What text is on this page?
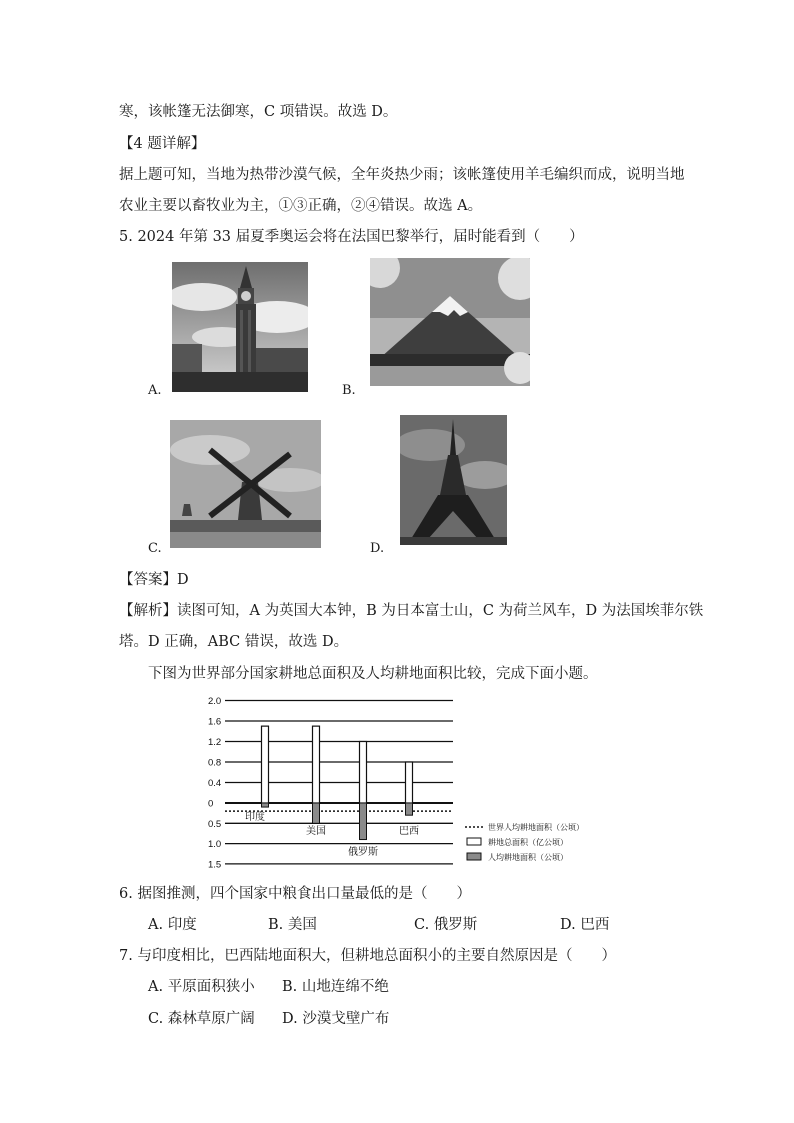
寒，该帐篷无法御寒，C 项错误。故选 D。
【4 题详解】
据上题可知，当地为热带沙漠气候，全年炎热少雨；该帐篷使用羊毛编织而成，说明当地
农业主要以畜牧业为主，①③正确，②④错误。故选 A。
5. 2024 年第 33 届夏季奥运会将在法国巴黎举行，届时能看到（　　）
A.	B.
C.	D.
【答案】D
【解析】读图可知，A 为英国大本钟，B 为日本富士山，C 为荷兰风车，D 为法国埃菲尔铁
塔。D 正确，ABC 错误，故选 D。
下图为世界部分国家耕地总面积及人均耕地面积比较，完成下面小题。
2.0
1.6
1.2
0.8
0.4
0
0.5
1.0
1.5
印度
美国
俄罗斯
巴西	世界人均耕地面积（公顷）
耕地总面积（亿公顷）
人均耕地面积（公顷）
6. 据图推测，四个国家中粮食出口量最低的是（　　）
A. 印度	B. 美国	C. 俄罗斯	D. 巴西
7. 与印度相比，巴西陆地面积大，但耕地总面积小的主要自然原因是（　　）
A. 平原面积狭小 B. 山地连绵不绝
C. 森林草原广阔 D. 沙漠戈壁广布
